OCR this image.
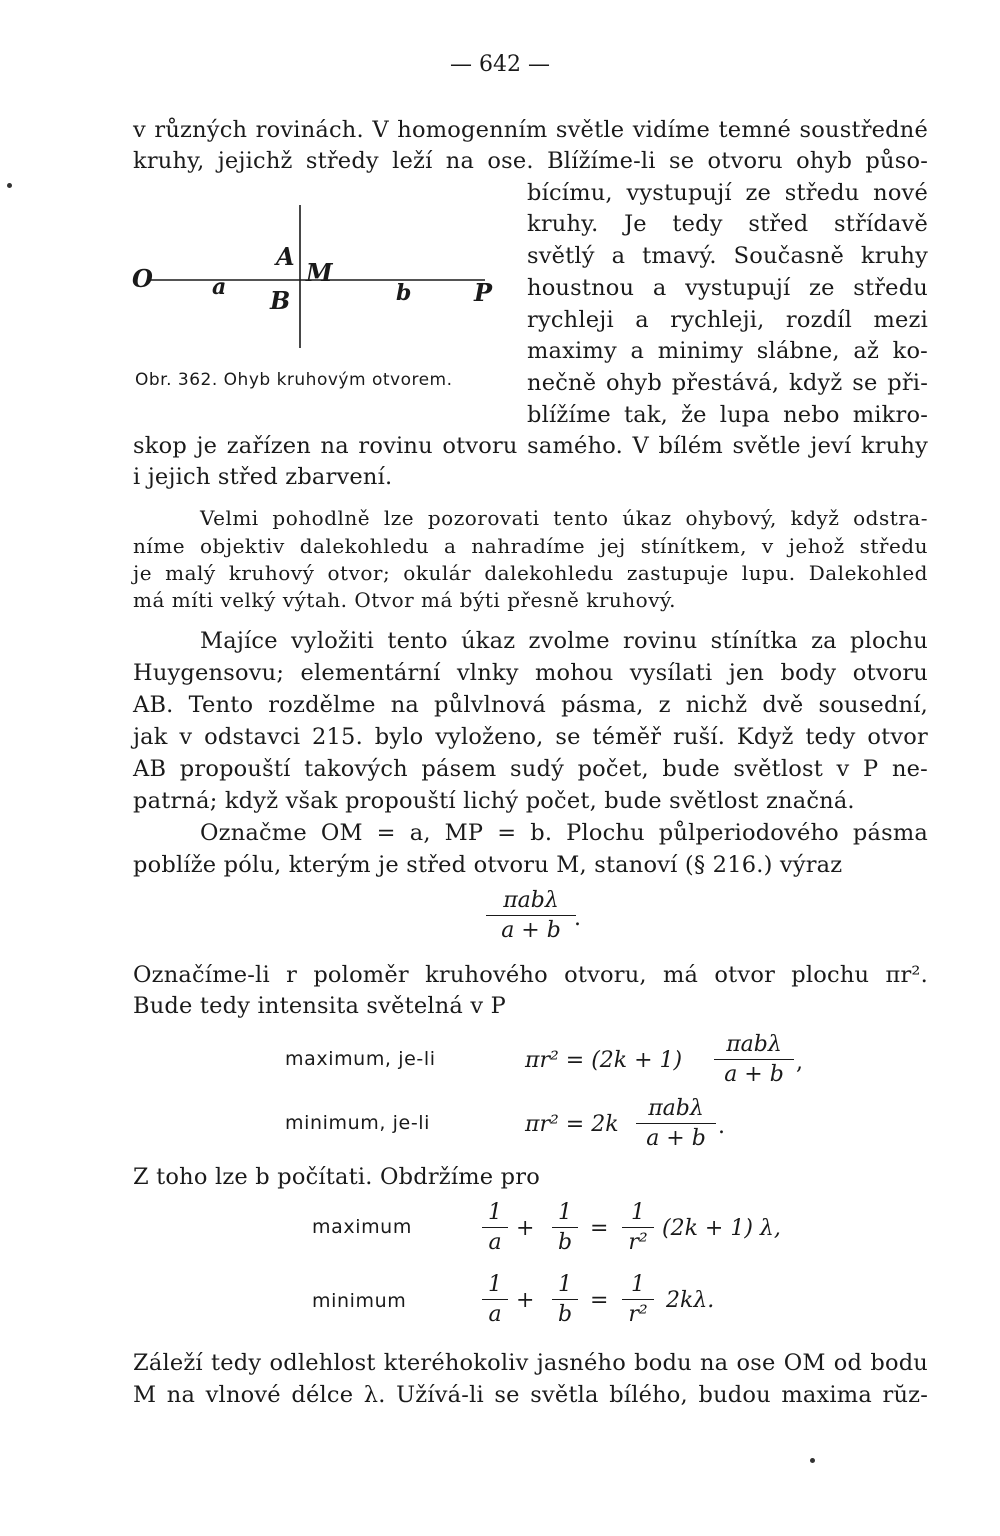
— 642 —
v různých rovinách. V homogenním světle vidíme temné soustředné
kruhy, jejichž středy leží na ose. Blížíme-li se otvoru ohyb půso-
bícímu, vystupují ze středu nové
kruhy. Je tedy střed střídavě
světlý a tmavý. Současně kruhy
houstnou a vystupují ze středu
rychleji a rychleji, rozdíl mezi
maximy a minimy slábne, až ko-
nečně ohyb přestává, když se při-
blížíme tak, že lupa nebo mikro-
O	a
A
M
B	b	P
Obr. 362. Ohyb kruhovým otvorem.
skop je zařízen na rovinu otvoru samého. V bílém světle jeví kruhy
i jejich střed zbarvení.
Velmi pohodlně lze pozorovati tento úkaz ohybový, když odstra-
níme objektiv dalekohledu a nahradíme jej stínítkem, v jehož středu
je malý kruhový otvor; okulár dalekohledu zastupuje lupu. Dalekohled
má míti velký výtah. Otvor má býti přesně kruhový.
Majíce vyložiti tento úkaz zvolme rovinu stínítka za plochu
Huygensovu; elementární vlnky mohou vysílati jen body otvoru
AB. Tento rozdělme na půlvlnová pásma, z nichž dvě sousední,
jak v odstavci 215. bylo vyloženo, se téměř ruší. Když tedy otvor
AB propouští takových pásem sudý počet, bude světlost v P ne-
patrná; když však propouští lichý počet, bude světlost značná.
Označme OM = a, MP = b. Plochu půlperiodového pásma
poblíže pólu, kterým je střed otvoru M, stanoví (§ 216.) výraz
πabλ
a + b .
Označíme-li r poloměr kruhového otvoru, má otvor plochu πr².
Bude tedy intensita světelná v P
maximum, je-li	πr² = (2k + 1)
πabλ
a + b ,
minimum, je-li	πr² = 2k
πabλ
a + b .
Z toho lze b počítati. Obdržíme pro
maximum	$\frac{1}{a} + \frac{1}{b} = \frac{1}{\text{r²}} (2k + 1)$ λ,
minimum	$\frac{1}{a} + \frac{1}{b} = \frac{1}{\text{r²}} 2k\lambda$.
Záleží tedy odlehlost kteréhokoliv jasného bodu na ose OM od bodu
M na vlnové délce λ. Užívá-li se světla bílého, budou maxima rŭz-
